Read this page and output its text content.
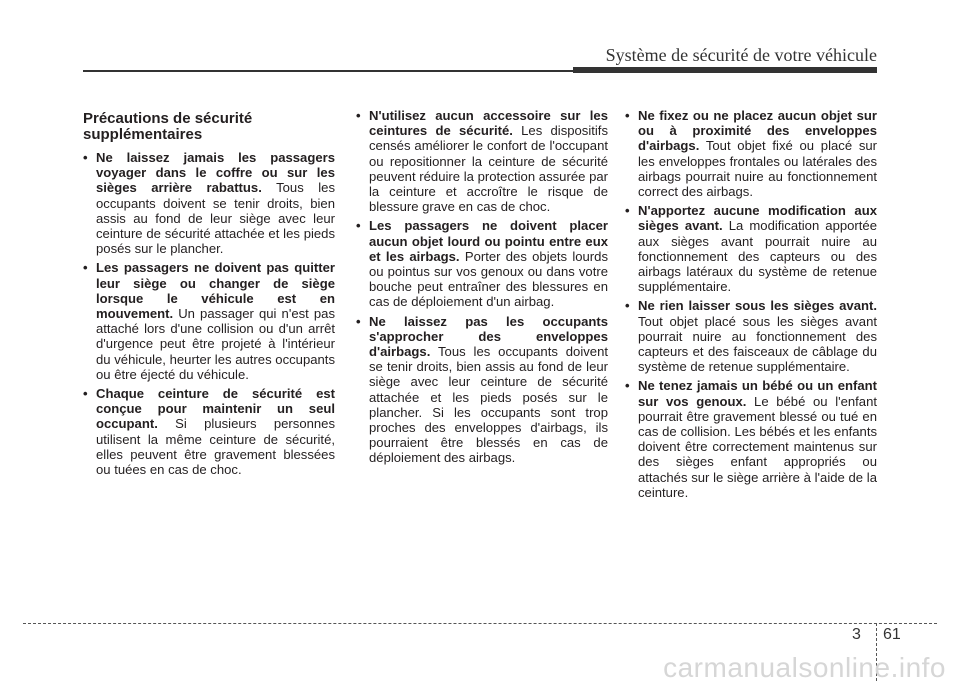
Système de sécurité de votre véhicule
Précautions de sécurité supplémentaires
• Ne laissez jamais les passagers voyager dans le coffre ou sur les sièges arrière rabattus. Tous les occupants doivent se tenir droits, bien assis au fond de leur siège avec leur ceinture de sécurité attachée et les pieds posés sur le plancher.
• Les passagers ne doivent pas quitter leur siège ou changer de siège lorsque le véhicule est en mouvement. Un passager qui n'est pas attaché lors d'une collision ou d'un arrêt d'urgence peut être projeté à l'intérieur du véhicule, heurter les autres occupants ou être éjecté du véhicule.
• Chaque ceinture de sécurité est conçue pour maintenir un seul occupant. Si plusieurs personnes utilisent la même ceinture de sécurité, elles peuvent être gravement blessées ou tuées en cas de choc.
• N'utilisez aucun accessoire sur les ceintures de sécurité. Les dispositifs censés améliorer le confort de l'occupant ou repositionner la ceinture de sécurité peuvent réduire la protection assurée par la ceinture et accroître le risque de blessure grave en cas de choc.
• Les passagers ne doivent placer aucun objet lourd ou pointu entre eux et les airbags. Porter des objets lourds ou pointus sur vos genoux ou dans votre bouche peut entraîner des blessures en cas de déploiement d'un airbag.
• Ne laissez pas les occupants s'approcher des enveloppes d'airbags. Tous les occupants doivent se tenir droits, bien assis au fond de leur siège avec leur ceinture de sécurité attachée et les pieds posés sur le plancher. Si les occupants sont trop proches des enveloppes d'airbags, ils pourraient être blessés en cas de déploiement des airbags.
• Ne fixez ou ne placez aucun objet sur ou à proximité des enveloppes d'airbags. Tout objet fixé ou placé sur les enveloppes frontales ou latérales des airbags pourrait nuire au fonctionnement correct des airbags.
• N'apportez aucune modification aux sièges avant. La modification apportée aux sièges avant pourrait nuire au fonctionnement des capteurs ou des airbags latéraux du système de retenue supplémentaire.
• Ne rien laisser sous les sièges avant. Tout objet placé sous les sièges avant pourrait nuire au fonctionnement des capteurs et des faisceaux de câblage du système de retenue supplémentaire.
• Ne tenez jamais un bébé ou un enfant sur vos genoux. Le bébé ou l'enfant pourrait être gravement blessé ou tué en cas de collision. Les bébés et les enfants doivent être correctement maintenus sur des sièges enfant appropriés ou attachés sur le siège arrière à l'aide de la ceinture.
3 61
carmanualsonline.info
